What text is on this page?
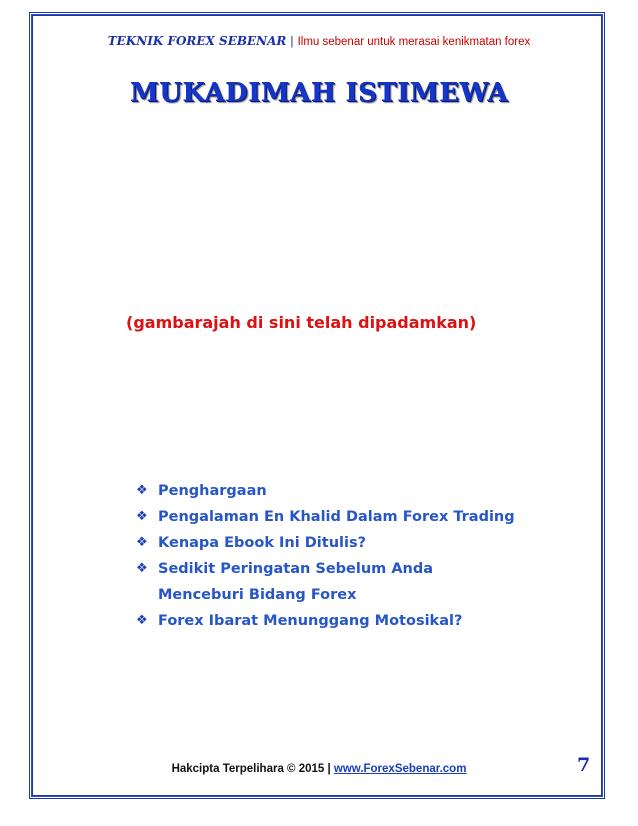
TEKNIK FOREX SEBENAR | Ilmu sebenar untuk merasai kenikmatan forex
MUKADIMAH ISTIMEWA
(gambarajah di sini telah dipadamkan)
❖ Penghargaan
❖ Pengalaman En Khalid Dalam Forex Trading
❖ Kenapa Ebook Ini Ditulis?
❖ Sedikit Peringatan Sebelum Anda Menceburi Bidang Forex
❖ Forex Ibarat Menunggang Motosikal?
Hakcipta Terpelihara © 2015 | www.ForexSebenar.com	7
